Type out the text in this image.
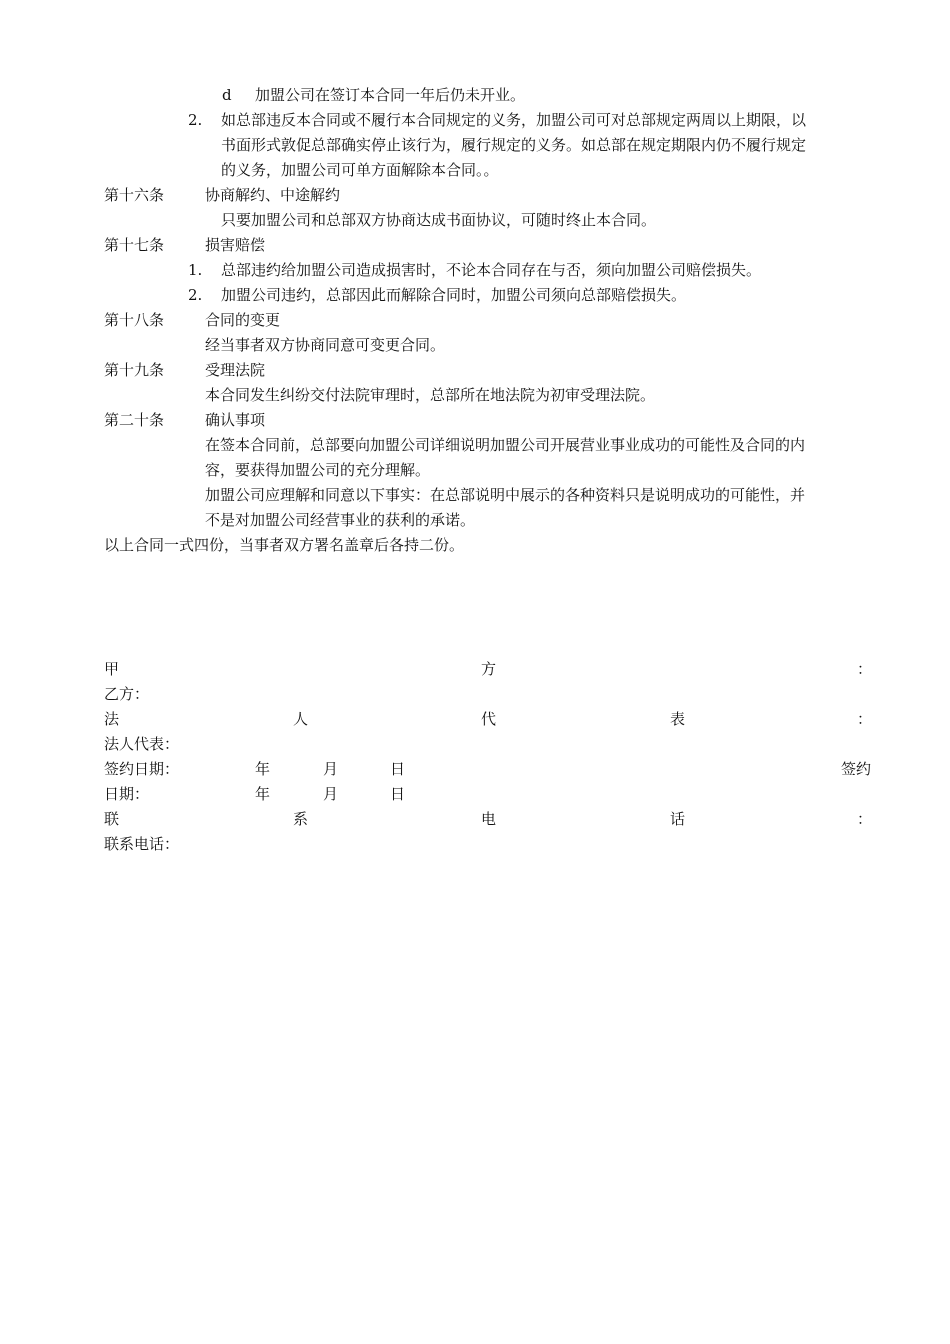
d 加盟公司在签订本合同一年后仍未开业。
2. 如总部违反本合同或不履行本合同规定的义务，加盟公司可对总部规定两周以上期限，以
书面形式敦促总部确实停止该行为，履行规定的义务。如总部在规定期限内仍不履行规定
的义务，加盟公司可单方面解除本合同。。
第十六条	协商解约、中途解约
只要加盟公司和总部双方协商达成书面协议，可随时终止本合同。
第十七条	损害赔偿
1. 总部违约给加盟公司造成损害时，不论本合同存在与否，须向加盟公司赔偿损失。
2. 加盟公司违约，总部因此而解除合同时，加盟公司须向总部赔偿损失。
第十八条	合同的变更
经当事者双方协商同意可变更合同。
第十九条	受理法院
本合同发生纠纷交付法院审理时，总部所在地法院为初审受理法院。
第二十条	确认事项
在签本合同前，总部要向加盟公司详细说明加盟公司开展营业事业成功的可能性及合同的内
容，要获得加盟公司的充分理解。
加盟公司应理解和同意以下事实：在总部说明中展示的各种资料只是说明成功的可能性，并
不是对加盟公司经营事业的获利的承诺。
以上合同一式四份，当事者双方署名盖章后各持二份。
甲	方	：
乙方：
法	人	代	表	：
法人代表：
签约日期：	年	月	日	签约
日期：	年	月	日
联	系	电	话	：
联系电话：
